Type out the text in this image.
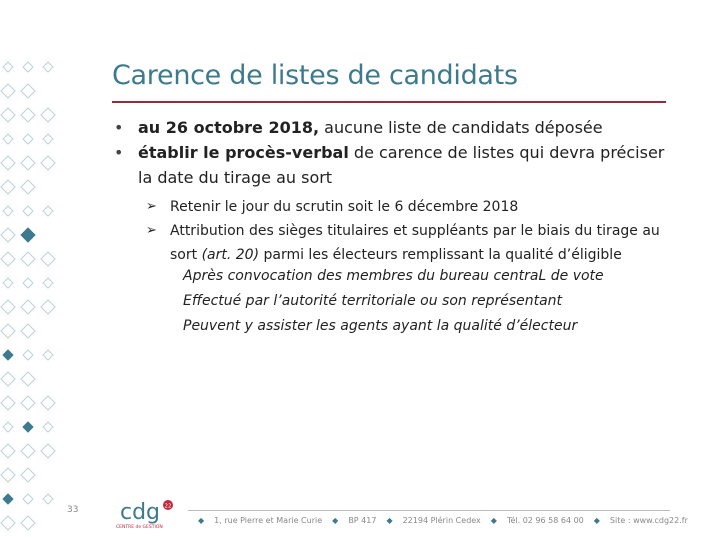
Carence de listes de candidats
• au 26 octobre 2018, aucune liste de candidats déposée
• établir le procès-verbal de carence de listes qui devra préciser la date du tirage au sort
➢ Retenir le jour du scrutin soit le 6 décembre 2018
➢ Attribution des sièges titulaires et suppléants par le biais du tirage au sort (art. 20) parmi les électeurs remplissant la qualité d’éligible
Après convocation des membres du bureau centraL de vote
Effectué par l’autorité territoriale ou son représentant
Peuvent y assister les agents ayant la qualité d’électeur
33 cdg 22
CENTRE de GESTION
◆ 1, rue Pierre et Marie Curie ◆ BP 417 ◆ 22194 Plérin Cedex ◆ Tél. 02 96 58 64 00 ◆ Site : www.cdg22.fr
